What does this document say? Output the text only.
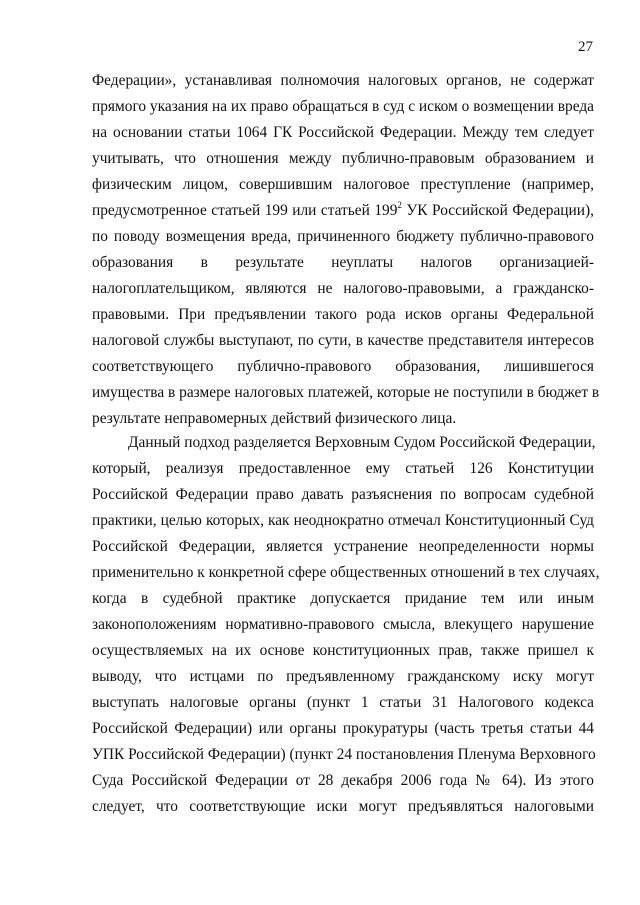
27
Федерации», устанавливая полномочия налоговых органов, не содержат
прямого указания на их право обращаться в суд с иском о возмещении вреда
на основании статьи 1064 ГК Российской Федерации. Между тем следует
учитывать, что отношения между публично-правовым образованием и
физическим лицом, совершившим налоговое преступление (например,
предусмотренное статьей 199 или статьей $199^2$ УК Российской Федерации),
по поводу возмещения вреда, причиненного бюджету публично-правового
образования в результате неуплаты налогов организацией-
налогоплательщиком, являются не налогово-правовыми, а гражданско-
правовыми. При предъявлении такого рода исков органы Федеральной
налоговой службы выступают, по сути, в качестве представителя интересов
соответствующего публично-правового образования, лишившегося
имущества в размере налоговых платежей, которые не поступили в бюджет в
результате неправомерных действий физического лица.
Данный подход разделяется Верховным Судом Российской Федерации,
который, реализуя предоставленное ему статьей 126 Конституции
Российской Федерации право давать разъяснения по вопросам судебной
практики, целью которых, как неоднократно отмечал Конституционный Суд
Российской Федерации, является устранение неопределенности нормы
применительно к конкретной сфере общественных отношений в тех случаях,
когда в судебной практике допускается придание тем или иным
законоположениям нормативно-правового смысла, влекущего нарушение
осуществляемых на их основе конституционных прав, также пришел к
выводу, что истцами по предъявленному гражданскому иску могут
выступать налоговые органы (пункт 1 статьи 31 Налогового кодекса
Российской Федерации) или органы прокуратуры (часть третья статьи 44
УПК Российской Федерации) (пункт 24 постановления Пленума Верховного
Суда Российской Федерации от 28 декабря 2006 года № 64). Из этого
следует, что соответствующие иски могут предъявляться налоговыми
